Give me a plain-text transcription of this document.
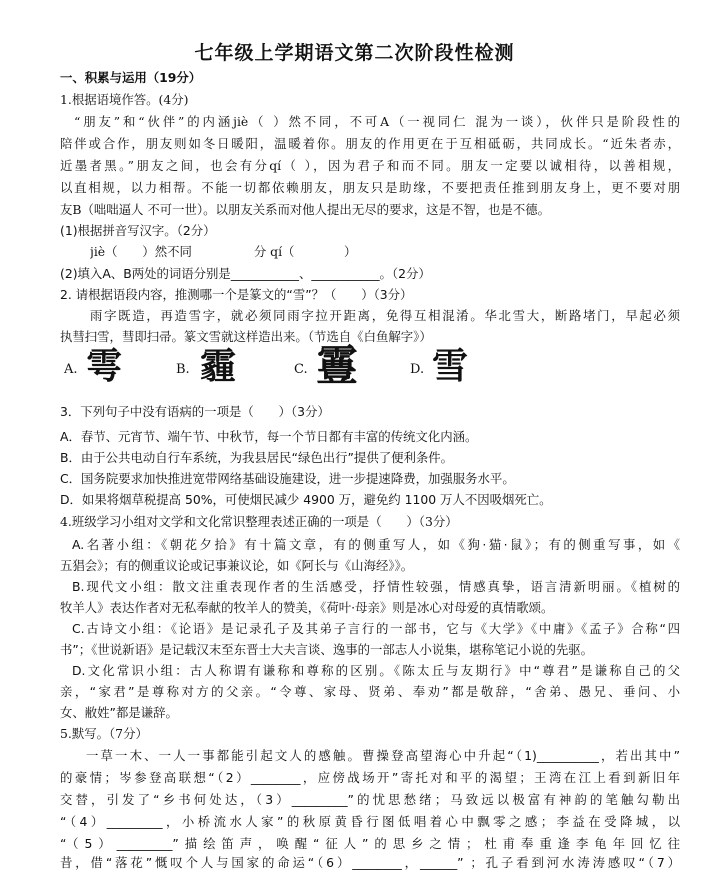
七年级上学期语文第二次阶段性检测
一、积累与运用（19分）
1.根据语境作答。(4分)
“朋友”和“伙伴”的内涵jiè（ ）然不同，不可A（一视同仁 混为一谈），伙伴只是阶段性的
陪伴或合作，朋友则如冬日暖阳，温暖着你。朋友的作用更在于互相砥砺，共同成长。“近朱者赤，
近墨者黑。”朋友之间，也会有分qí（ ），因为君子和而不同。朋友一定要以诚相待，以善相规，
以直相规，以力相帮。不能一切都依赖朋友，朋友只是助缘，不要把责任推到朋友身上，更不要对朋
友B（咄咄逼人 不可一世）。以朋友关系而对他人提出无尽的要求，这是不智，也是不德。
(1)根据拼音写汉字。（2分）
jiè（　　）然不同　　　　　分 qí（　　　　）
(2)填入A、B两处的词语分别是___________、___________。（2分）
2. 请根据语段内容，推测哪一个是篆文的“雪”？（　　）（3分）
雨字既造，再造雪字，就必须同雨字拉开距离，免得互相混淆。华北雪大，断路堵门，早起必须
执彗扫雪，彗即扫帚。篆文雪就这样造出来。（节选自《白鱼解字》）
A. 雩	B. 霾	C. 霻	D. 雪
3．下列句子中没有语病的一项是（　　）（3分）
A．春节、元宵节、端午节、中秋节，每一个节日都有丰富的传统文化内涵。
B．由于公共电动自行车系统，为我县居民“绿色出行”提供了便利条件。
C．国务院要求加快推进宽带网络基础设施建设，进一步提速降费，加强服务水平。
D．如果将烟草税提高 50%，可使烟民减少 4900 万，避免约 1100 万人不因吸烟死亡。
4.班级学习小组对文学和文化常识整理表述正确的一项是（　　）（3分）
A.名著小组：《朝花夕拾》有十篇文章，有的侧重写人，如《狗·猫·鼠》；有的侧重写事，如《
五猖会》；有的侧重议论或记事兼议论，如《阿长与《山海经》》。
B.现代文小组：散文注重表现作者的生活感受，抒情性较强，情感真挚，语言清新明丽。《植树的
牧羊人》表达作者对无私奉献的牧羊人的赞美，《荷叶·母亲》则是冰心对母爱的真情歌颂。
C.古诗文小组：《论语》是记录孔子及其弟子言行的一部书，它与《大学》《中庸》《孟子》合称“四
书”；《世说新语》是记载汉末至东晋士大夫言谈、逸事的一部志人小说集，堪称笔记小说的先驱。
D.文化常识小组：古人称谓有谦称和尊称的区别。《陈太丘与友期行》中“尊君”是谦称自己的父
亲，“家君”是尊称对方的父亲。“令尊、家母、贤弟、奉劝”都是敬辞，“舍弟、愚兄、垂问、小
女、敝姓”都是谦辞。
5.默写。（7分）
一草一木、一人一事都能引起文人的感触。曹操登高望海心中升起“（1)__________，若出其中”
的豪情；岑参登高联想“（2）________，应傍战场开”寄托对和平的渴望；王湾在江上看到新旧年
交替，引发了“乡书何处达，（3）_________”的忧思愁绪；马致远以极富有神韵的笔触勾勒出
“（4）_________，小桥流水人家”的秋原黄昏行图低唱着心中飘零之感；李益在受降城，以
“（5）_________”描绘笛声，唤醒“征人”的思乡之情；杜甫奉重逢李龟年回忆往
昔，借“落花”慨叹个人与国家的命运“（6）________，______” ；孔子看到河水涛涛感叹“（7）
